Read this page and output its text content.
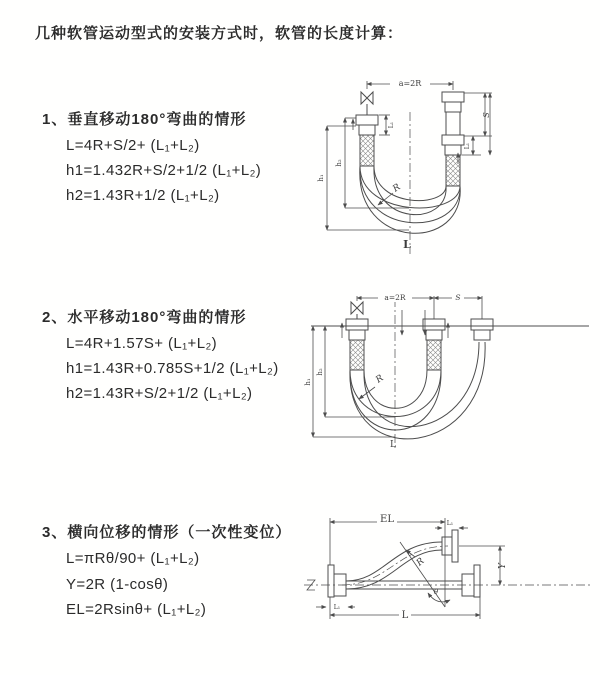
几种软管运动型式的安装方式时，软管的长度计算：
1、垂直移动180°弯曲的情形
L=4R+S/2+ (L₁+L₂)
h1=1.432R+S/2+1/2 (L₁+L₂)
h2=1.43R+1/2 (L₁+L₂)
2、水平移动180°弯曲的情形
L=4R+1.57S+ (L₁+L₂)
h1=1.43R+0.785S+1/2 (L₁+L₂)
h2=1.43R+S/2+1/2 (L₁+L₂)
3、横向位移的情形（一次性变位）
L=πRθ/90+ (L₁+L₂)
Y=2R (1-cosθ)
EL=2Rsinθ+ (L₁+L₂)
a=2R
S
L₁
L₁
h₂
h₁
R
L
a=2R	S
h₂
h₁	R
L
EL	L₁
Y
R
θ
L
L₁
